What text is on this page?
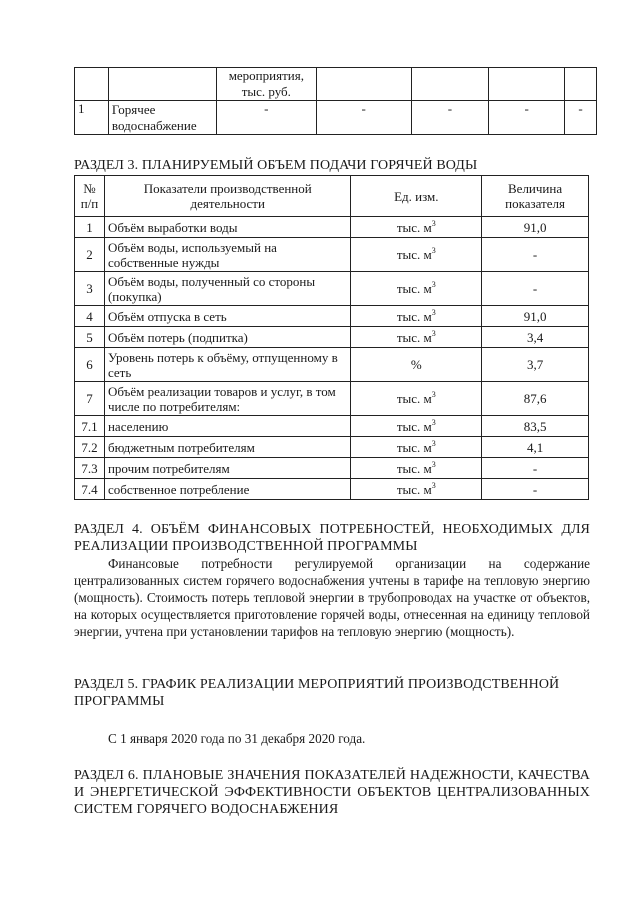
		мероприятия, тыс. руб.				
1	Горячее водоснабжение	-	-	-	-	-
РАЗДЕЛ 3. ПЛАНИРУЕМЫЙ ОБЪЕМ ПОДАЧИ ГОРЯЧЕЙ ВОДЫ
№ п/п	Показатели производственной деятельности	Ед. изм.	Величина показателя
1	Объём выработки воды	тыс. $м^3$	91,0
2	Объём воды, используемый на собственные нужды	тыс. $м^3$	-
3	Объём воды, полученный со стороны (покупка)	тыс. $м^3$	-
4	Объём отпуска в сеть	тыс. $м^3$	91,0
5	Объём потерь (подпитка)	тыс. $м^3$	3,4
6	Уровень потерь к объёму, отпущенному в сеть	%	3,7
7	Объём реализации товаров и услуг, в том числе по потребителям:	тыс. $м^3$	87,6
7.1	населению	тыс. $м^3$	83,5
7.2	бюджетным потребителям	тыс. $м^3$	4,1
7.3	прочим потребителям	тыс. $м^3$	-
7.4	собственное потребление	тыс. $м^3$	-
РАЗДЕЛ 4. ОБЪЁМ ФИНАНСОВЫХ ПОТРЕБНОСТЕЙ, НЕОБХОДИМЫХ ДЛЯ РЕАЛИЗАЦИИ ПРОИЗВОДСТВЕННОЙ ПРОГРАММЫ

Финансовые потребности регулируемой организации на содержание централизованных систем горячего водоснабжения учтены в тарифе на тепловую энергию (мощность). Стоимость потерь тепловой энергии в трубопроводах на участке от объектов, на которых осуществляется приготовление горячей воды, отнесенная на единицу тепловой энергии, учтена при установлении тарифов на тепловую энергию (мощность).

РАЗДЕЛ 5. ГРАФИК РЕАЛИЗАЦИИ МЕРОПРИЯТИЙ ПРОИЗВОДСТВЕННОЙ ПРОГРАММЫ

С 1 января 2020 года по 31 декабря 2020 года.

РАЗДЕЛ 6. ПЛАНОВЫЕ ЗНАЧЕНИЯ ПОКАЗАТЕЛЕЙ НАДЕЖНОСТИ, КАЧЕСТВА И ЭНЕРГЕТИЧЕСКОЙ ЭФФЕКТИВНОСТИ ОБЪЕКТОВ ЦЕНТРАЛИЗОВАННЫХ СИСТЕМ ГОРЯЧЕГО ВОДОСНАБЖЕНИЯ
